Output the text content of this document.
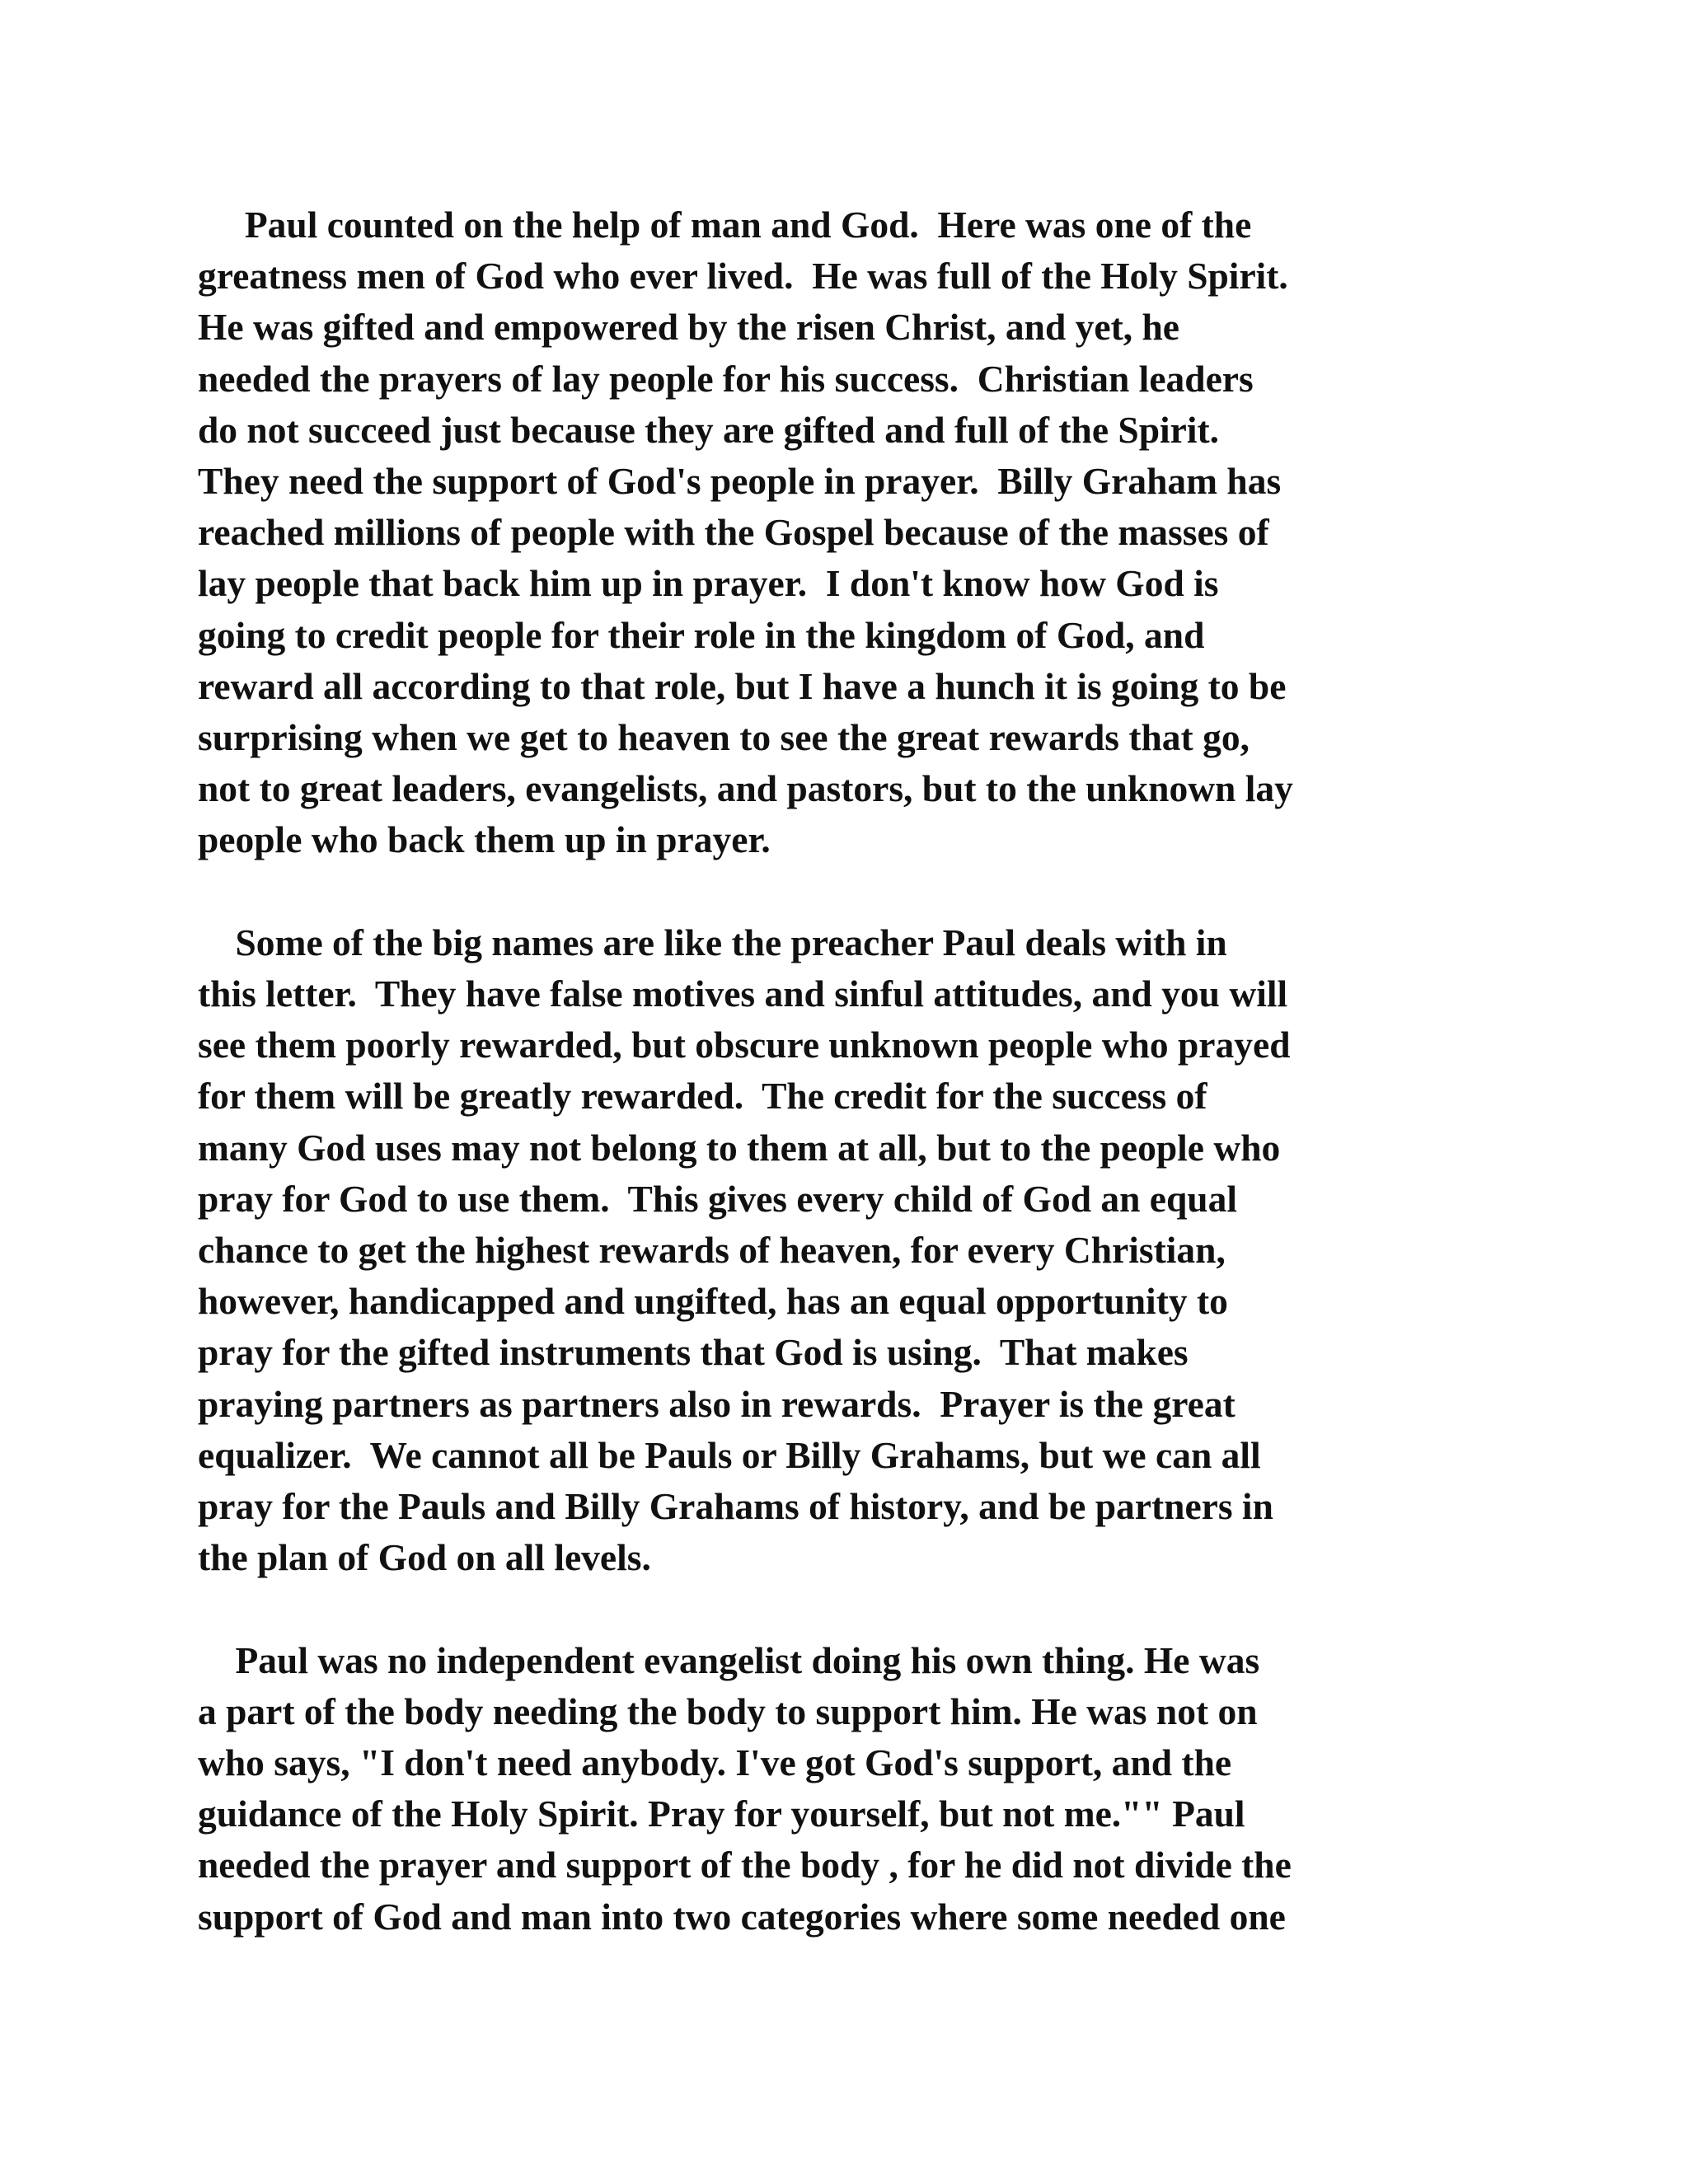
Paul counted on the help of man and God.  Here was one of the
greatness men of God who ever lived.  He was full of the Holy Spirit.
He was gifted and empowered by the risen Christ, and yet, he
needed the prayers of lay people for his success.  Christian leaders
do not succeed just because they are gifted and full of the Spirit.
They need the support of God's people in prayer.  Billy Graham has
reached millions of people with the Gospel because of the masses of
lay people that back him up in prayer.  I don't know how God is
going to credit people for their role in the kingdom of God, and
reward all according to that role, but I have a hunch it is going to be
surprising when we get to heaven to see the great rewards that go,
not to great leaders, evangelists, and pastors, but to the unknown lay
people who back them up in prayer.
Some of the big names are like the preacher Paul deals with in
this letter.  They have false motives and sinful attitudes, and you will
see them poorly rewarded, but obscure unknown people who prayed
for them will be greatly rewarded.  The credit for the success of
many God uses may not belong to them at all, but to the people who
pray for God to use them.  This gives every child of God an equal
chance to get the highest rewards of heaven, for every Christian,
however, handicapped and ungifted, has an equal opportunity to
pray for the gifted instruments that God is using.  That makes
praying partners as partners also in rewards.  Prayer is the great
equalizer.  We cannot all be Pauls or Billy Grahams, but we can all
pray for the Pauls and Billy Grahams of history, and be partners in
the plan of God on all levels.
Paul was no independent evangelist doing his own thing. He was
a part of the body needing the body to support him. He was not on
who says, "I don't need anybody. I've got God's support, and the
guidance of the Holy Spirit. Pray for yourself, but not me."" Paul
needed the prayer and support of the body , for he did not divide the
support of God and man into two categories where some needed one
